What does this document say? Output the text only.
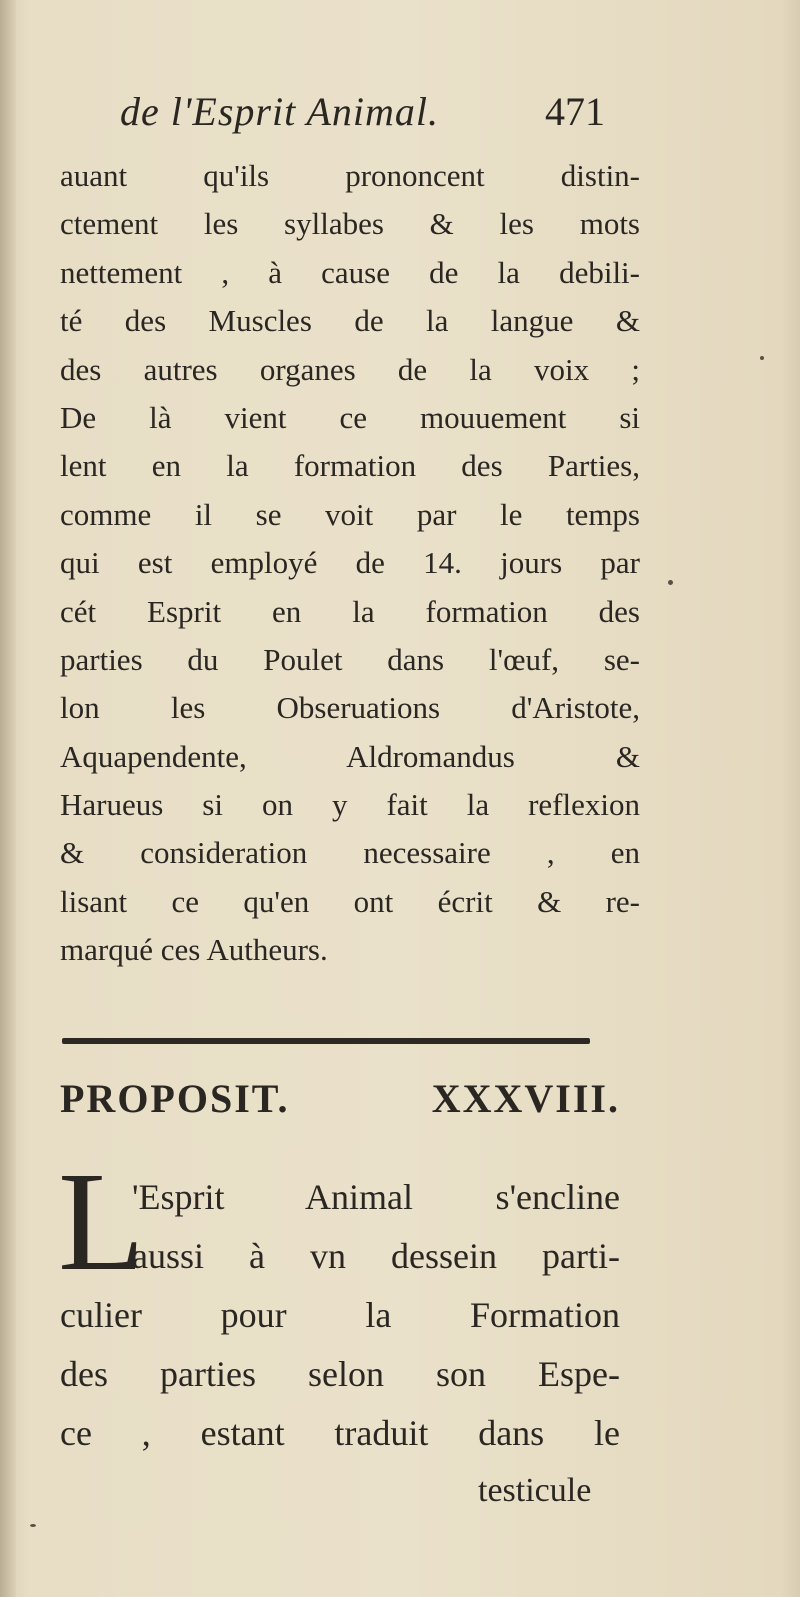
de l'Esprit Animal.	471
auant qu'ils prononcent distin-
ctement les syllabes & les mots
nettement , à cause de la debili-
té des Muscles de la langue &
des autres organes de la voix ;
De là vient ce mouuement si
lent en la formation des Parties,
comme il se voit par le temps
qui est employé de 14. jours par
cét Esprit en la formation des
parties du Poulet dans l'œuf, se-
lon les Obseruations d'Aristote,
Aquapendente, Aldromandus &
Harueus si on y fait la reflexion
& consideration necessaire , en
lisant ce qu'en ont écrit & re-
marqué ces Autheurs.
PROPOSIT. XXXVIII.
L
'Esprit Animal s'encline
aussi à vn dessein parti-
culier pour la Formation
des parties selon son Espe-
ce , estant traduit dans le
testicule
